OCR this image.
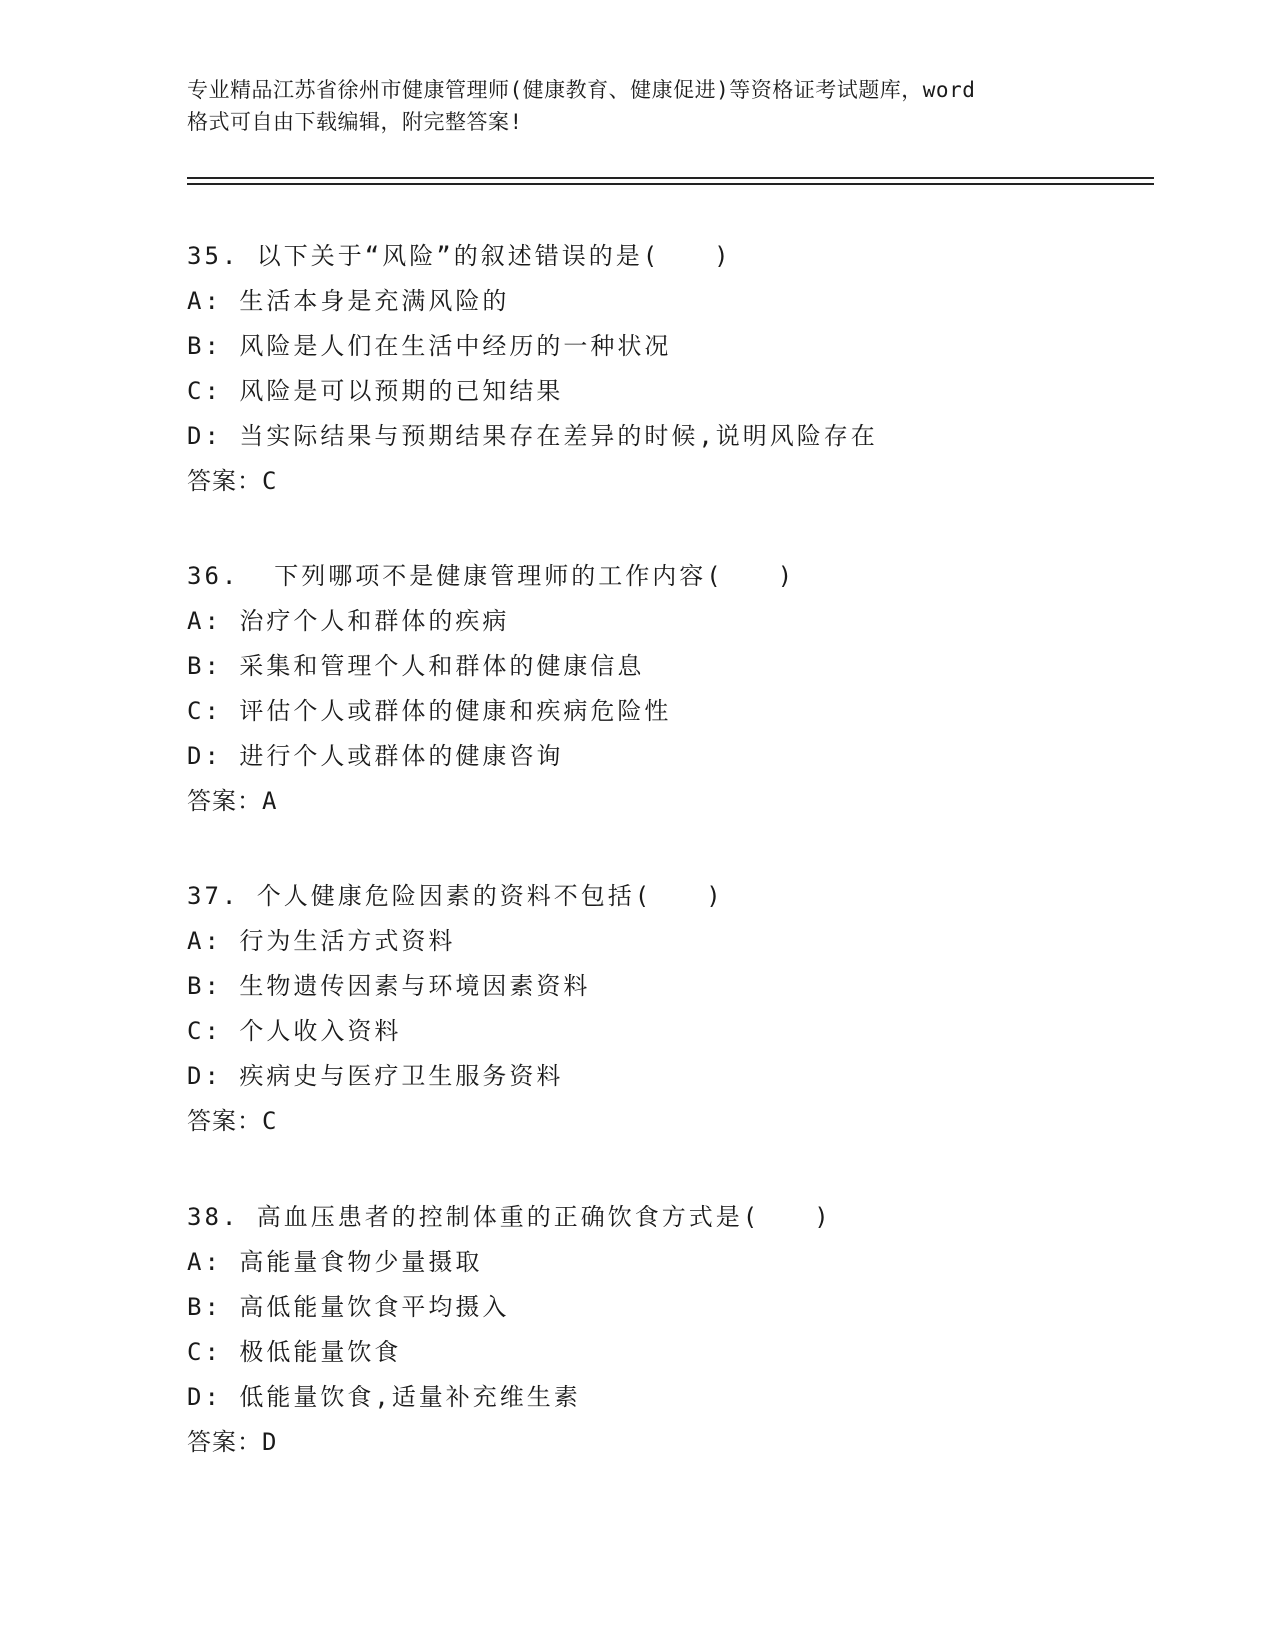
专业精品江苏省徐州市健康管理师(健康教育、健康促进)等资格证考试题库，word
格式可自由下载编辑，附完整答案!
35. 以下关于“风险”的叙述错误的是(　　)
A: 生活本身是充满风险的
B: 风险是人们在生活中经历的一种状况
C: 风险是可以预期的已知结果
D: 当实际结果与预期结果存在差异的时候,说明风险存在
答案：C
36.  下列哪项不是健康管理师的工作内容(　　)
A: 治疗个人和群体的疾病
B: 采集和管理个人和群体的健康信息
C: 评估个人或群体的健康和疾病危险性
D: 进行个人或群体的健康咨询
答案：A
37. 个人健康危险因素的资料不包括(　　)
A: 行为生活方式资料
B: 生物遗传因素与环境因素资料
C: 个人收入资料
D: 疾病史与医疗卫生服务资料
答案：C
38. 高血压患者的控制体重的正确饮食方式是(　　)
A: 高能量食物少量摄取
B: 高低能量饮食平均摄入
C: 极低能量饮食
D: 低能量饮食,适量补充维生素
答案：D
